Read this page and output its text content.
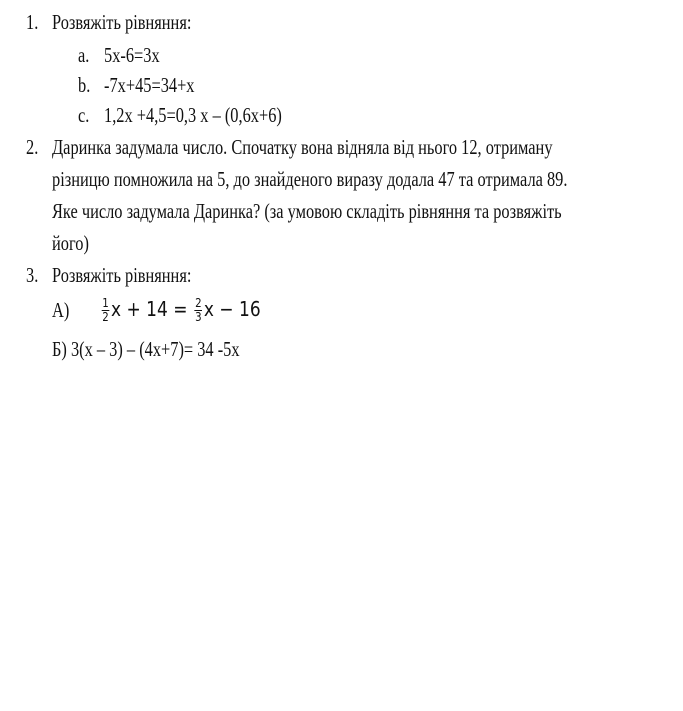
1. Розвяжіть рівняння:
a. 5x-6=3x
b. -7x+45=34+x
c. 1,2x +4,5=0,3 x – (0,6x+6)
2. Даринка задумала число. Спочатку вона відняла від нього 12, отриману
різницю помножила на 5, до знайденого виразу додала 47 та отримала 89.
Яке число задумала Даринка? (за умовою складіть рівняння та розвяжіть
його)
3. Розвяжіть рівняння:
А)	$\frac{1}{2}$ $x + 14 = \frac{2}{3}$ x − 16
Б) 3(x – 3) – (4x+7)= 34 -5x
